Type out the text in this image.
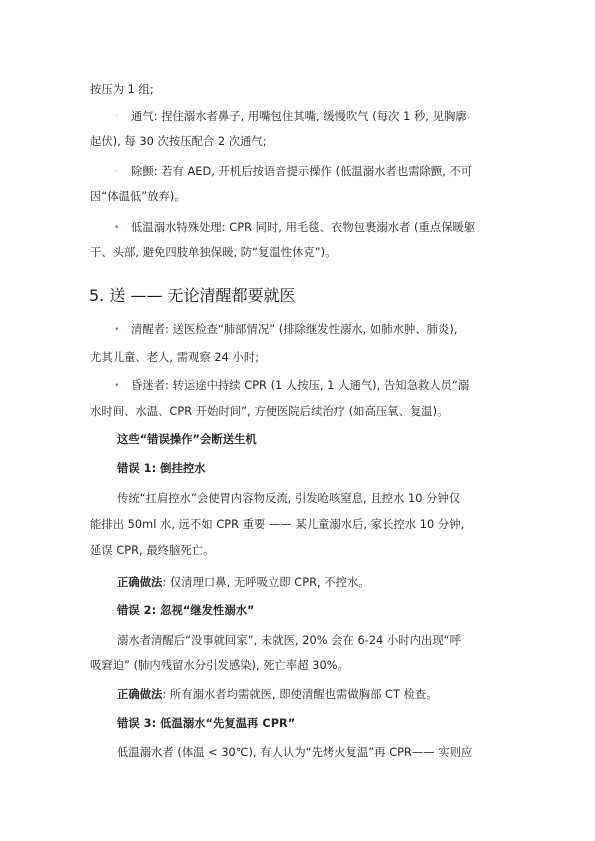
按压为 1 组;
◦ 通气: 捏住溺水者鼻子, 用嘴包住其嘴, 缓慢吹气 (每次 1 秒, 见胸廓
起伏), 每 30 次按压配合 2 次通气;
◦ 除颤: 若有 AED, 开机后按语音提示操作 (低温溺水者也需除颤, 不可
因“体温低”放弃)。
• 低温溺水特殊处理: CPR 同时, 用毛毯、衣物包裹溺水者 (重点保暖躯
干、头部, 避免四肢单独保暖, 防“复温性休克”)。
5. 送 —— 无论清醒都要就医
• 清醒者: 送医检查“肺部情况” (排除继发性溺水, 如肺水肿、肺炎),
尤其儿童、老人, 需观察 24 小时;
• 昏迷者: 转运途中持续 CPR (1 人按压, 1 人通气), 告知急救人员“溺
水时间、水温、CPR 开始时间”, 方便医院后续治疗 (如高压氧、复温)。
这些“错误操作”会断送生机
错误 1: 倒挂控水
传统“扛肩控水”会使胃内容物反流, 引发呛咳窒息, 且控水 10 分钟仅
能排出 50ml 水, 远不如 CPR 重要 —— 某儿童溺水后, 家长控水 10 分钟,
延误 CPR, 最终脑死亡。
正确做法: 仅清理口鼻, 无呼吸立即 CPR, 不控水。
错误 2: 忽视“继发性溺水”
溺水者清醒后“没事就回家”, 未就医, 20% 会在 6-24 小时内出现“呼
吸窘迫” (肺内残留水分引发感染), 死亡率超 30%。
正确做法: 所有溺水者均需就医, 即使清醒也需做胸部 CT 检查。
错误 3: 低温溺水“先复温再 CPR”
低温溺水者 (体温 < 30℃), 有人认为“先烤火复温”再 CPR—— 实则应
